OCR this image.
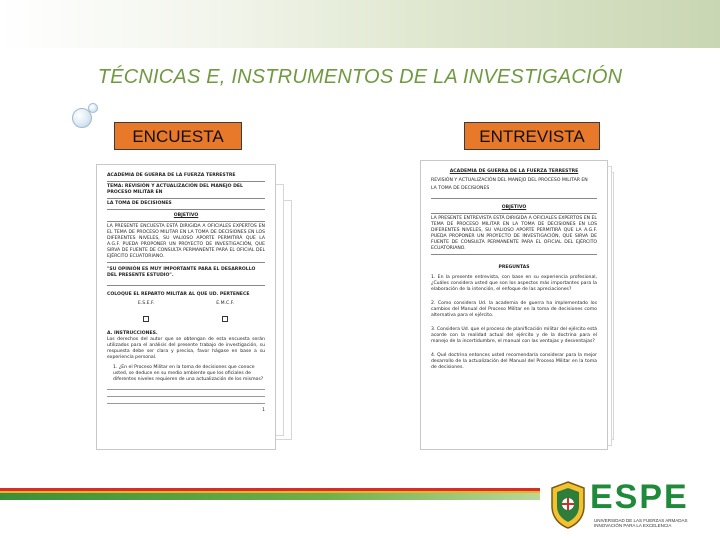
TÉCNICAS E, INSTRUMENTOS DE LA INVESTIGACIÓN
ENCUESTA	ENTREVISTA

ACADEMIA DE GUERRA DE LA FUERZA TERRESTRE

TEMA: REVISIÓN Y ACTUALIZACIÓN DEL MANEJO DEL PROCESO MILITAR EN

LA TOMA DE DECISIONES

OBJETIVO

LA PRESENTE ENCUESTA ESTÁ DIRIGIDA A OFICIALES EXPERTOS EN EL TEMA DE PROCESO MILITAR EN LA TOMA DE DECISIONES EN LOS DIFERENTES NIVELES, SU VALIOSO APORTE PERMITIRÁ QUE LA A.G.F. PUEDA PROPONER UN PROYECTO DE INVESTIGACIÓN, QUE SIRVA DE FUENTE DE CONSULTA PERMANENTE PARA EL OFICIAL DEL EJÉRCITO ECUATORIANO.

"SU OPINIÓN ES MUY IMPORTANTE PARA EL DESARROLLO DEL PRESENTE ESTUDIO".

COLOQUE EL REPARTO MILITAR AL QUE UD. PERTENECE

E.S.E.F.	E.M.C.F.

A. INSTRUCCIONES.

Los derechos del autor que se obtengan de esta encuesta serán utilizados para el análisis del presente trabajo de investigación, su respuesta debe ser clara y precisa, favor hágase en base a su experiencia personal.

1. ¿En el Proceso Militar en la toma de decisiones que conoce usted, se deduce en su medio ambiente que los oficiales de diferentes niveles requieren de una actualización de los mismos?

1

ACADEMIA DE GUERRA DE LA FUERZA TERRESTRE

REVISIÓN Y ACTUALIZACIÓN DEL MANEJO DEL PROCESO MILITAR EN

LA TOMA DE DECISIONES

OBJETIVO

LA PRESENTE ENTREVISTA ESTÁ DIRIGIDA A OFICIALES EXPERTOS EN EL TEMA DE PROCESO MILITAR EN LA TOMA DE DECISIONES EN LOS DIFERENTES NIVELES, SU VALIOSO APORTE PERMITIRÁ QUE LA A.G.F. PUEDA PROPONER UN PROYECTO DE INVESTIGACIÓN, QUE SIRVA DE FUENTE DE CONSULTA PERMANENTE PARA EL OFICIAL DEL EJÉRCITO ECUATORIANO.

PREGUNTAS

1. En la presente entrevista, con base en su experiencia profesional, ¿Cuáles considera usted que son los aspectos más importantes para la elaboración de la intención, el enfoque de las apreciaciones?

2. Como considera Ud. la academia de guerra ha implementado los cambios del Manual del Proceso Militar en la toma de decisiones como alternativa para el ejército.

3. Considera Ud. que el proceso de planificación militar del ejército está acorde con la realidad actual del ejército y de la doctrina para el manejo de la incertidumbre, el manual con las ventajas y desventajas?

4. Qué doctrina entonces usted recomendaría considerar para la mejor desarrollo de la actualización del Manual del Proceso Militar en la toma de decisiones.

ESPE
UNIVERSIDAD DE LAS FUERZAS ARMADAS INNOVACIÓN PARA LA EXCELENCIA
